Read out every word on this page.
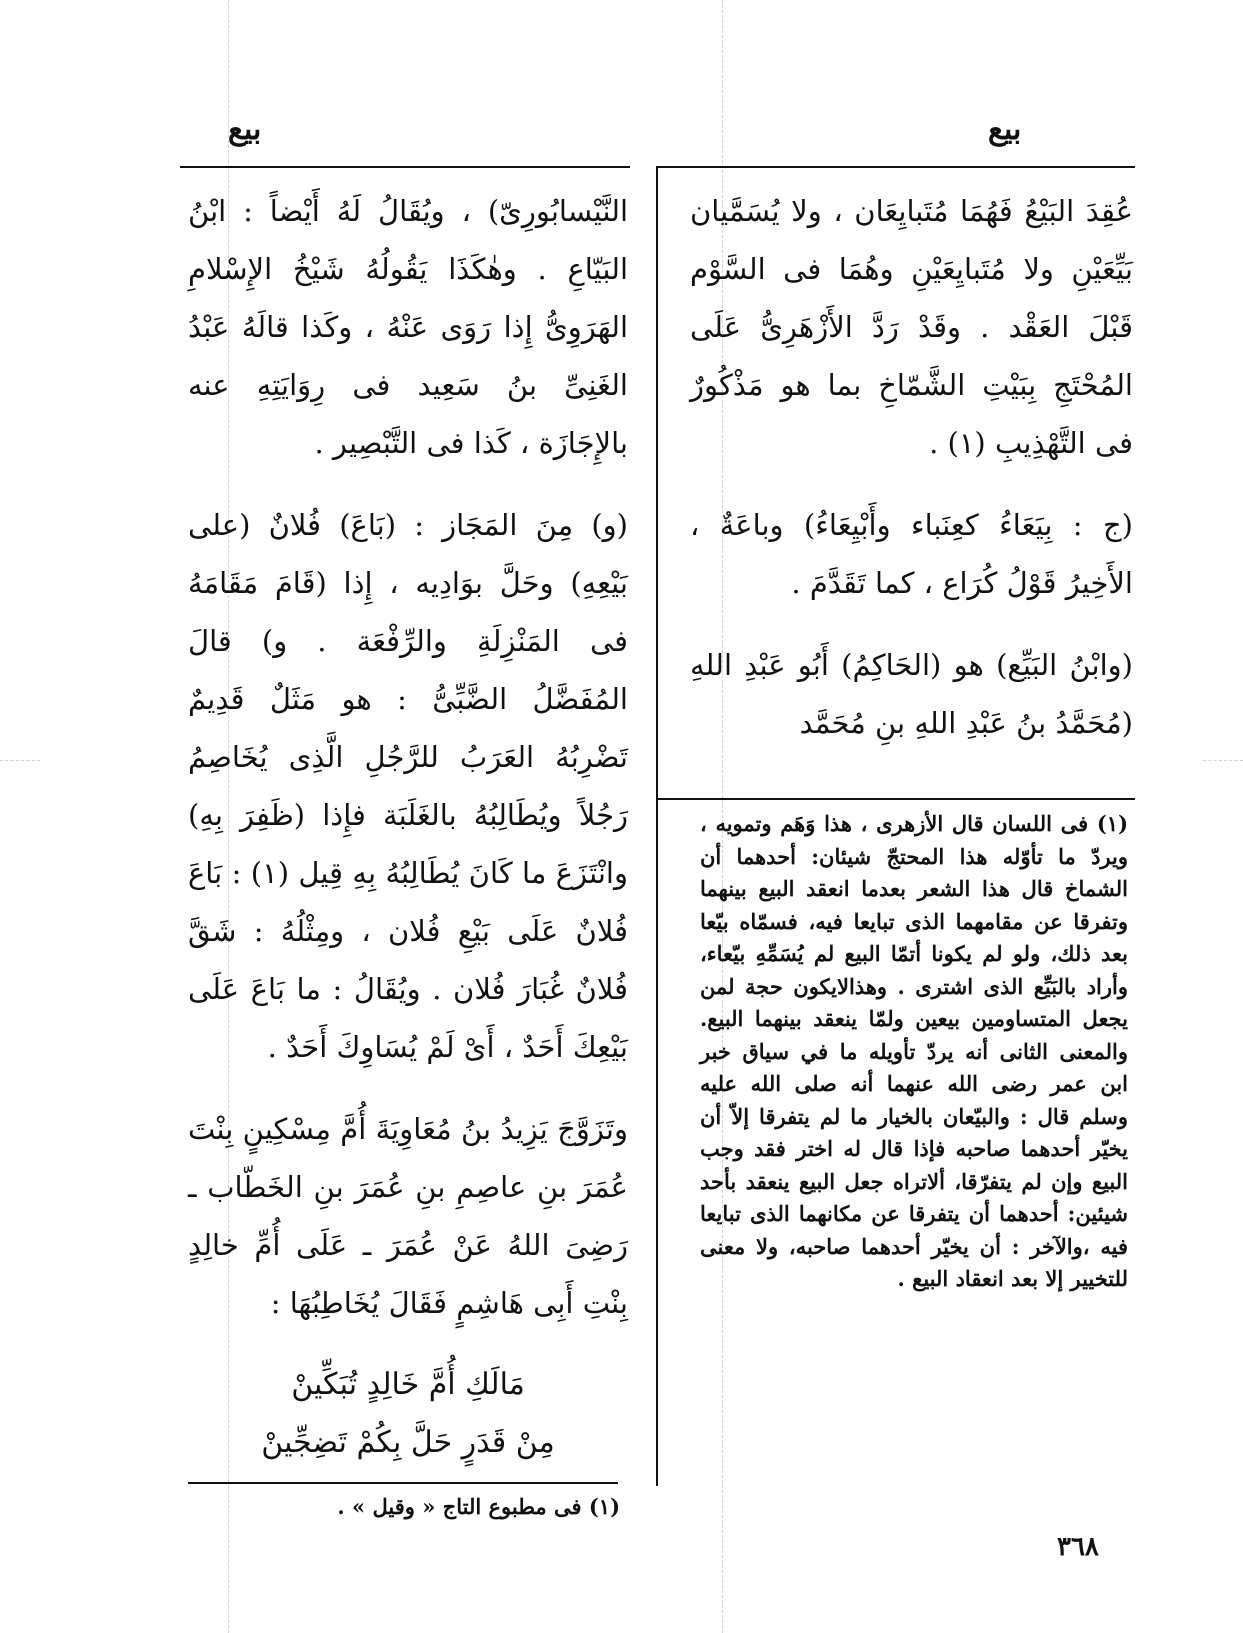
بيع
بيع

عُقِدَ البَيْعُ فَهُمَا مُتَبايِعَان ، ولا يُسَمَّيان بَيِّعَيْنِ ولا مُتَبايِعَيْنِ وهُمَا فى السَّوْم قَبْلَ العَقْد . وقَدْ رَدَّ الأَزْهَرِىُّ عَلَى المُحْتَجِ بِبَيْتِ الشَّمّاخِ بما هو مَذْكُورٌ فى التَّهْذِيبِ (١) .

(ج : بِيَعَاءُ كعِنَباء وأَبْيِعَاءُ) وباعَةٌ ، الأَخِيرُ قَوْلُ كُرَاع ، كما تَقَدَّمَ .

(وابْنُ البَيِّع) هو (الحَاكِمُ) أَبُو عَبْدِ اللهِ (مُحَمَّدُ بنُ عَبْدِ اللهِ بنِ مُحَمَّد

(١) فى اللسان قال الأزهرى ، هذا وَهَم وتمويه ، ويردّ ما تأوّله هذا المحتجّ شيئان: أحدهما أن الشماخ قال هذا الشعر بعدما انعقد البيع بينهما وتفرقا عن مقامهما الذى تبايعا فيه، فسمّاه بيّعا بعد ذلك، ولو لم يكونا أتمّا البيع لم يُسَمِّهِ بيّعاء، وأراد بالبَيِّع الذى اشترى . وهذالايكون حجة لمن يجعل المتساومين بيعين ولمّا ينعقد بينهما البيع. والمعنى الثانى أنه يردّ تأويله ما في سياق خبر ابن عمر رضى الله عنهما أنه صلى الله عليه وسلم قال : والبيّعان بالخيار ما لم يتفرقا إلاّ أن يخيّر أحدهما صاحبه فإذا قال له اختر فقد وجب البيع وإن لم يتفرّقا، ألاتراه جعل البيع ينعقد بأحد شيئين: أحدهما أن يتفرقا عن مكانهما الذى تبايعا فيه ،والآخر : أن يخيّر أحدهما صاحبه، ولا معنى للتخيير إلا بعد انعقاد البيع .

النَّيْسابُورِىّ) ، ويُقَالُ لَهُ أَيْضاً : ابْنُ البَيّاعِ . وهٰكَذَا يَقُولُهُ شَيْخُ الإِسْلامِ الهَرَوِىُّ إِذا رَوَى عَنْهُ ، وكَذا قالَهُ عَبْدُ الغَنِىِّ بنُ سَعِيد فى رِوَايَتِهِ عنه بالإِجَازَة ، كَذا فى التَّبْصِير .

(و) مِنَ المَجَاز : (بَاعَ) فُلانٌ (على بَيْعِهِ) وحَلَّ بوَادِيه ، إِذا (قَامَ مَقَامَهُ فى المَنْزِلَةِ والرِّفْعَة . و) قالَ المُفَضَّلُ الضَّبِّىُّ : هو مَثَلٌ قَدِيمٌ تَضْرِبُهُ العَرَبُ للرَّجُلِ الَّذِى يُخَاصِمُ رَجُلاً ويُطَالِبُهُ بالغَلَبَة فإِذا (ظَفِرَ بِهِ) وانْتَزَعَ ما كَانَ يُطَالِبُهُ بِهِ قِيل (١) : بَاعَ فُلانٌ عَلَى بَيْعِ فُلان ، ومِثْلُهُ : شَقَّ فُلانٌ غُبَارَ فُلان . ويُقَالُ : ما بَاعَ عَلَى بَيْعِكَ أَحَدٌ ، أَىْ لَمْ يُسَاوِكَ أَحَدٌ .

وتَزَوَّجَ يَزِيدُ بنُ مُعَاوِيَةَ أُمَّ مِسْكِينٍ بِنْتَ عُمَرَ بنِ عاصِمِ بنِ عُمَرَ بنِ الخَطّاب ـ رَضِىَ اللهُ عَنْ عُمَرَ ـ عَلَى أُمِّ خالِدٍ بِنْتِ أَبِى هَاشِمٍ فَقَالَ يُخَاطِبُهَا :

مَالَكِ أُمَّ خَالِدٍ تُبَكِّينْ
مِنْ قَدَرٍ حَلَّ بِكُمْ تَضِجِّينْ
(١) فى مطبوع التاج « وقيل » .
٣٦٨
